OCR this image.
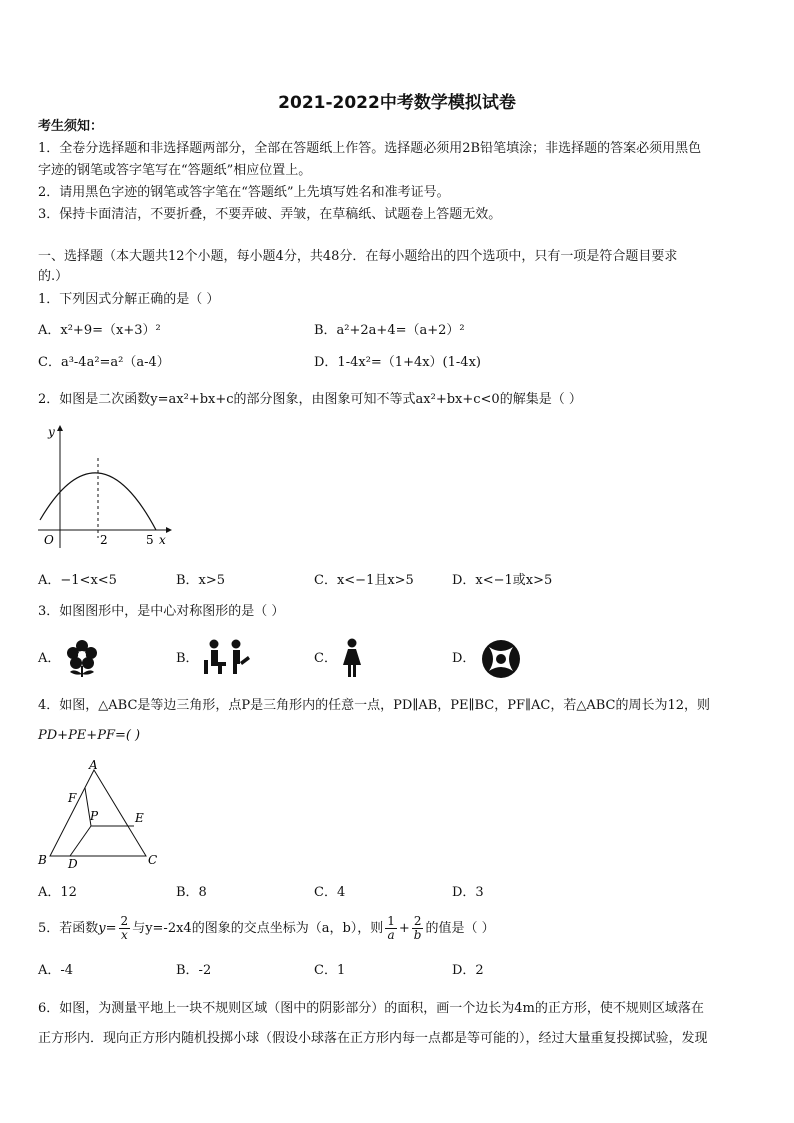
2021-2022中考数学模拟试卷
考生须知：
1．全卷分选择题和非选择题两部分，全部在答题纸上作答。选择题必须用2B铅笔填涂；非选择题的答案必须用黑色
字迹的钢笔或答字笔写在“答题纸”相应位置上。
2．请用黑色字迹的钢笔或答字笔在“答题纸”上先填写姓名和准考证号。
3．保持卡面清洁，不要折叠，不要弄破、弄皱，在草稿纸、试题卷上答题无效。
一、选择题（本大题共12个小题，每小题4分，共48分．在每小题给出的四个选项中，只有一项是符合题目要求
的.）
1．下列因式分解正确的是（ ）
A．x²+9=（x+3）²	B．a²+2a+4=（a+2）²
C．a³-4a²=a²（a-4）	D．1-4x²=（1+4x）(1-4x)
2．如图是二次函数y=ax²+bx+c的部分图象，由图象可知不等式ax²+bx+c<0的解集是（ ）
y
O	2	5 x
A．−1<x<5	B．x>5	C．x<−1且x>5	D．x<−1或x>5
3．如图图形中，是中心对称图形的是（ ）
A．	B．	C．	D．
4．如图，△ABC是等边三角形，点P是三角形内的任意一点，PD∥AB，PE∥BC，PF∥AC，若△ABC的周长为12，则
PD+PE+PF=( )
A
B	C
D
E
F
P
A．12	B．8	C．4	D．3
5．若函数$y= \frac{2}{x}$ 与y=-2x4的图象的交点坐标为（a，b），则 $\frac{1}{a} + \frac{2}{b}$ 的值是（ ）
A．-4	B．-2	C．1	D．2
6．如图，为测量平地上一块不规则区域（图中的阴影部分）的面积，画一个边长为4m的正方形，使不规则区域落在
正方形内．现向正方形内随机投掷小球（假设小球落在正方形内每一点都是等可能的），经过大量重复投掷试验，发现
